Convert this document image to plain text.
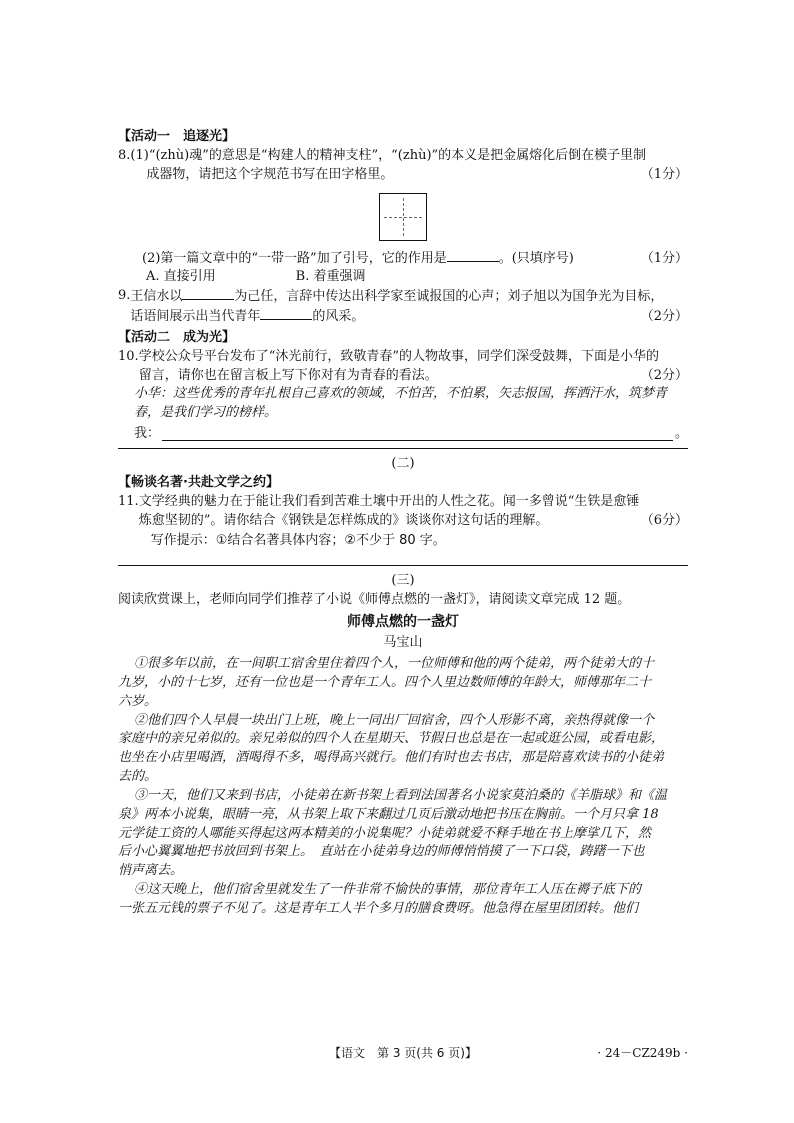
【活动一　追逐光】

8. (1)“(zhù)魂”的意思是“构建人的精神支柱”，“(zhù)”的本义是把金属熔化后倒在模子里制
成器物，请把这个字规范书写在田字格里。	（1分）
(2)第一篇文章中的“一带一路”加了引号，它的作用是	。(只填序号)	（1分）
A. 直接引用	B. 着重强调
9. 王信水以	为己任，言辞中传达出科学家至诚报国的心声；刘子旭以为国争光为目标，
话语间展示出当代青年	的风采。	（2分）

【活动二　成为光】

10. 学校公众号平台发布了“沐光前行，致敬青春”的人物故事，同学们深受鼓舞，下面是小华的
留言，请你也在留言板上写下你对有为青春的看法。	（2分）
小华：这些优秀的青年扎根自己喜欢的领域，不怕苦，不怕累，矢志报国，挥洒汗水，筑梦青
春，是我们学习的榜样。
我：	。
(二)

【畅谈名著·共赴文学之约】

11. 文学经典的魅力在于能让我们看到苦难土壤中开出的人性之花。闻一多曾说“生铁是愈锤
炼愈坚韧的”。请你结合《钢铁是怎样炼成的》谈谈你对这句话的理解。	（6分）
写作提示：①结合名著具体内容；②不少于 80 字。
(三)
阅读欣赏课上，老师向同学们推荐了小说《师傅点燃的一盏灯》，请阅读文章完成 12 题。
师傅点燃的一盏灯
马宝山
①很多年以前，在一间职工宿舍里住着四个人，一位师傅和他的两个徒弟，两个徒弟大的十
九岁，小的十七岁，还有一位也是一个青年工人。四个人里边数师傅的年龄大，师傅那年二十
六岁。
②他们四个人早晨一块出门上班，晚上一同出厂回宿舍，四个人形影不离，亲热得就像一个
家庭中的亲兄弟似的。亲兄弟似的四个人在星期天、节假日也总是在一起或逛公园，或看电影，
也坐在小店里喝酒，酒喝得不多，喝得高兴就行。他们有时也去书店，那是陪喜欢读书的小徒弟
去的。
③一天，他们又来到书店，小徒弟在新书架上看到法国著名小说家莫泊桑的《羊脂球》和《温
泉》两本小说集，眼睛一亮，从书架上取下来翻过几页后激动地把书压在胸前。一个月只拿 18
元学徒工资的人哪能买得起这两本精美的小说集呢？小徒弟就爱不释手地在书上摩挲几下，然
后小心翼翼地把书放回到书架上。　直站在小徒弟身边的师傅悄悄摸了一下口袋，踌躇一下也
悄声离去。
④这天晚上，他们宿舍里就发生了一件非常不愉快的事情，那位青年工人压在褥子底下的
一张五元钱的票子不见了。这是青年工人半个多月的膳食费呀。他急得在屋里团团转。他们
【语文　第 3 页(共 6 页)】	· 24－CZ249b ·
